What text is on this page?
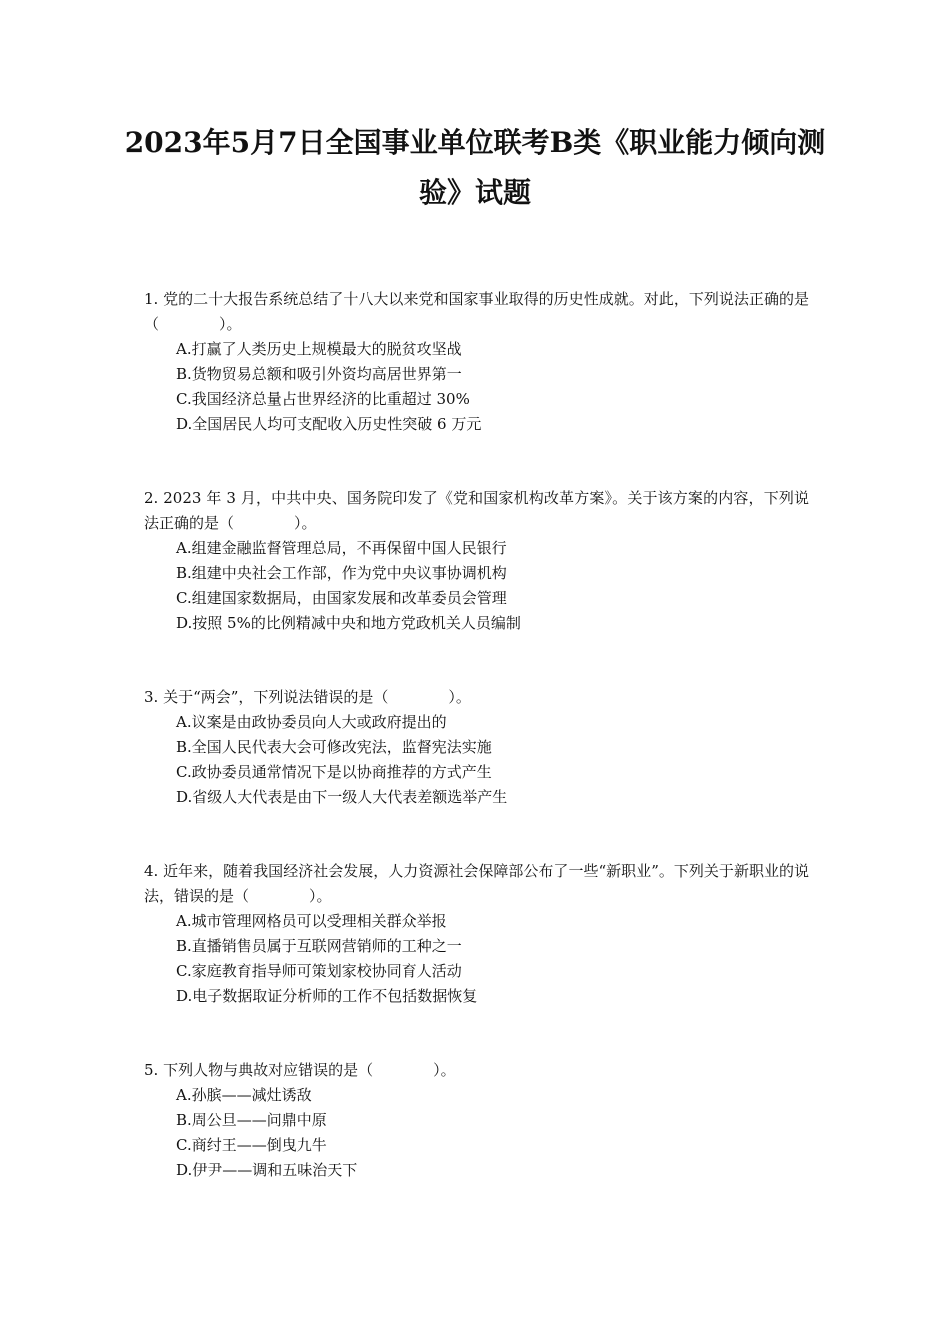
2023年5月7日全国事业单位联考B类《职业能力倾向测验》试题
1. 党的二十大报告系统总结了十八大以来党和国家事业取得的历史性成就。对此，下列说法正确的是（　　　　）。
A.打赢了人类历史上规模最大的脱贫攻坚战
B.货物贸易总额和吸引外资均高居世界第一
C.我国经济总量占世界经济的比重超过 30%
D.全国居民人均可支配收入历史性突破 6 万元
2. 2023 年 3 月，中共中央、国务院印发了《党和国家机构改革方案》。关于该方案的内容，下列说法正确的是（　　　　）。
A.组建金融监督管理总局，不再保留中国人民银行
B.组建中央社会工作部，作为党中央议事协调机构
C.组建国家数据局，由国家发展和改革委员会管理
D.按照 5%的比例精减中央和地方党政机关人员编制
3. 关于“两会”，下列说法错误的是（　　　　）。
A.议案是由政协委员向人大或政府提出的
B.全国人民代表大会可修改宪法，监督宪法实施
C.政协委员通常情况下是以协商推荐的方式产生
D.省级人大代表是由下一级人大代表差额选举产生
4. 近年来，随着我国经济社会发展，人力资源社会保障部公布了一些“新职业”。下列关于新职业的说法，错误的是（　　　　）。
A.城市管理网格员可以受理相关群众举报
B.直播销售员属于互联网营销师的工种之一
C.家庭教育指导师可策划家校协同育人活动
D.电子数据取证分析师的工作不包括数据恢复
5. 下列人物与典故对应错误的是（　　　　）。
A.孙膑——减灶诱敌
B.周公旦——问鼎中原
C.商纣王——倒曳九牛
D.伊尹——调和五味治天下
